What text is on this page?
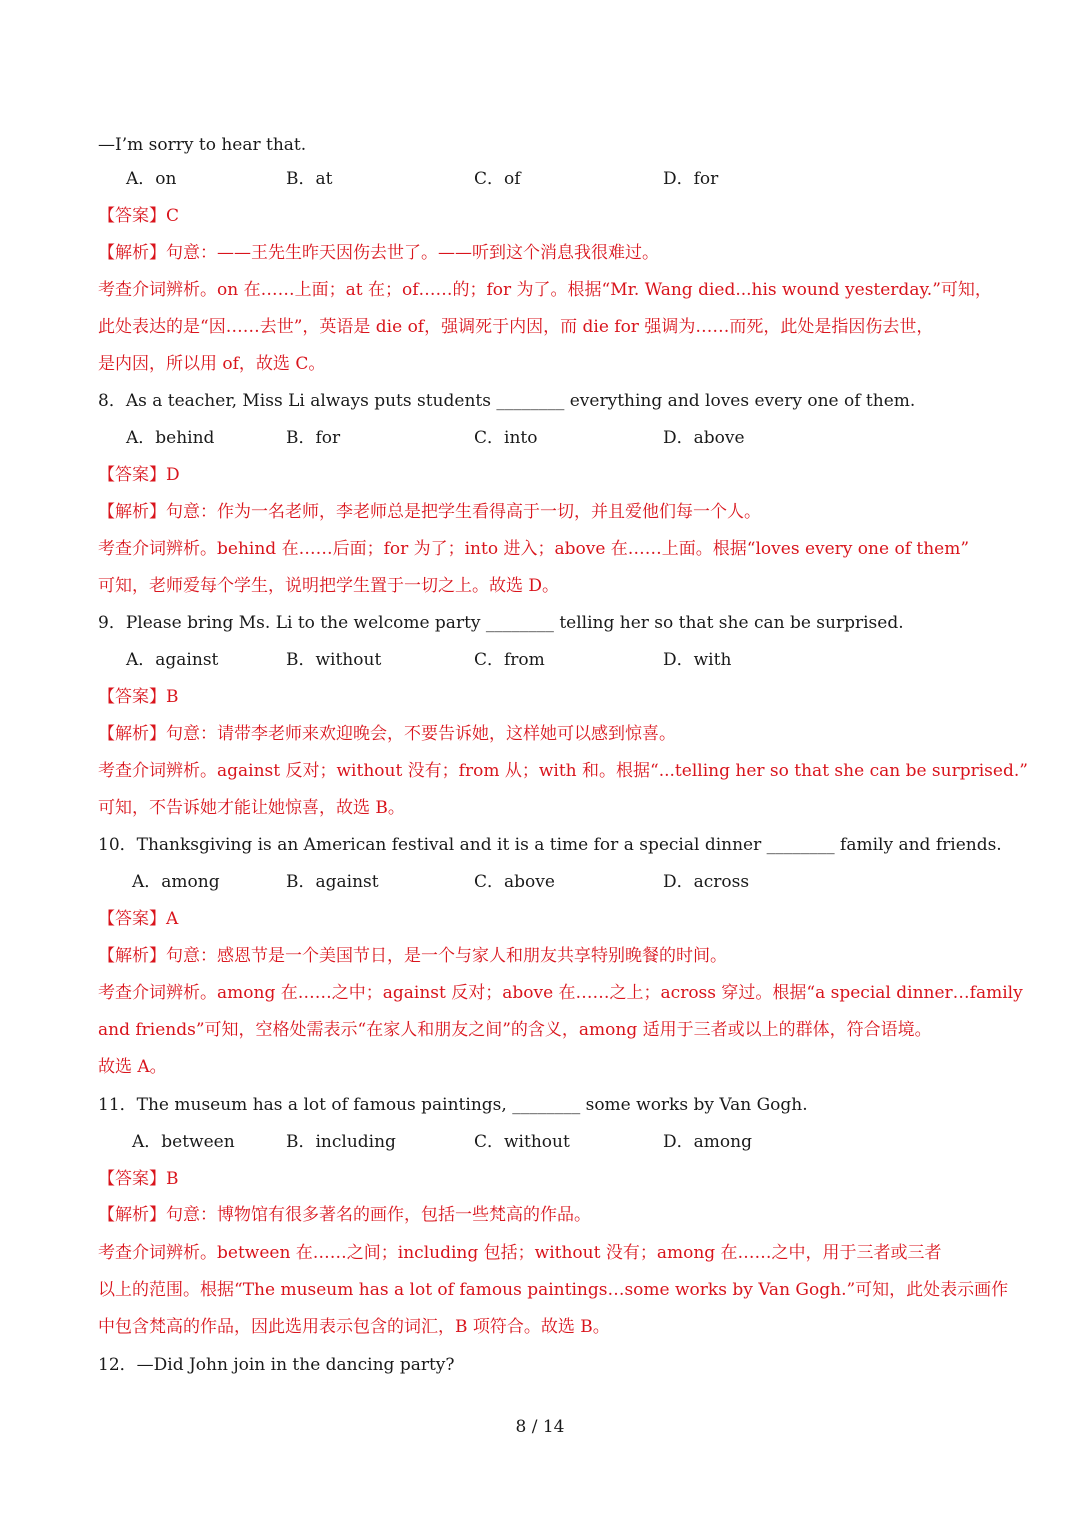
—I’m sorry to hear that.
A．on	B．at	C．of	D．for
【答案】C
【解析】句意：——王先生昨天因伤去世了。——听到这个消息我很难过。
考查介词辨析。on 在……上面；at 在；of……的；for 为了。根据“Mr. Wang died...his wound yesterday.”可知，
此处表达的是“因……去世”，英语是 die of，强调死于内因，而 die for 强调为……而死，此处是指因伤去世，
是内因，所以用 of，故选 C。
8．As a teacher, Miss Li always puts students ________ everything and loves every one of them.
A．behind	B．for	C．into	D．above
【答案】D
【解析】句意：作为一名老师，李老师总是把学生看得高于一切，并且爱他们每一个人。
考查介词辨析。behind 在……后面；for 为了；into 进入；above 在……上面。根据“loves every one of them”
可知，老师爱每个学生，说明把学生置于一切之上。故选 D。
9．Please bring Ms. Li to the welcome party ________ telling her so that she can be surprised.
A．against	B．without	C．from	D．with
【答案】B
【解析】句意：请带李老师来欢迎晚会，不要告诉她，这样她可以感到惊喜。
考查介词辨析。against 反对；without 没有；from 从；with 和。根据“...telling her so that she can be surprised.”
可知，不告诉她才能让她惊喜，故选 B。
10．Thanksgiving is an American festival and it is a time for a special dinner ________ family and friends.
A．among	B．against	C．above	D．across
【答案】A
【解析】句意：感恩节是一个美国节日，是一个与家人和朋友共享特别晚餐的时间。
考查介词辨析。among 在……之中；against 反对；above 在……之上；across 穿过。根据“a special dinner…family
and friends”可知，空格处需表示“在家人和朋友之间”的含义，among 适用于三者或以上的群体，符合语境。
故选 A。
11．The museum has a lot of famous paintings, ________ some works by Van Gogh.
A．between	B．including	C．without	D．among
【答案】B
【解析】句意：博物馆有很多著名的画作，包括一些梵高的作品。
考查介词辨析。between 在……之间；including 包括；without 没有；among 在……之中，用于三者或三者
以上的范围。根据“The museum has a lot of famous paintings…some works by Van Gogh.”可知，此处表示画作
中包含梵高的作品，因此选用表示包含的词汇，B 项符合。故选 B。
12．—Did John join in the dancing party?
8 / 14
